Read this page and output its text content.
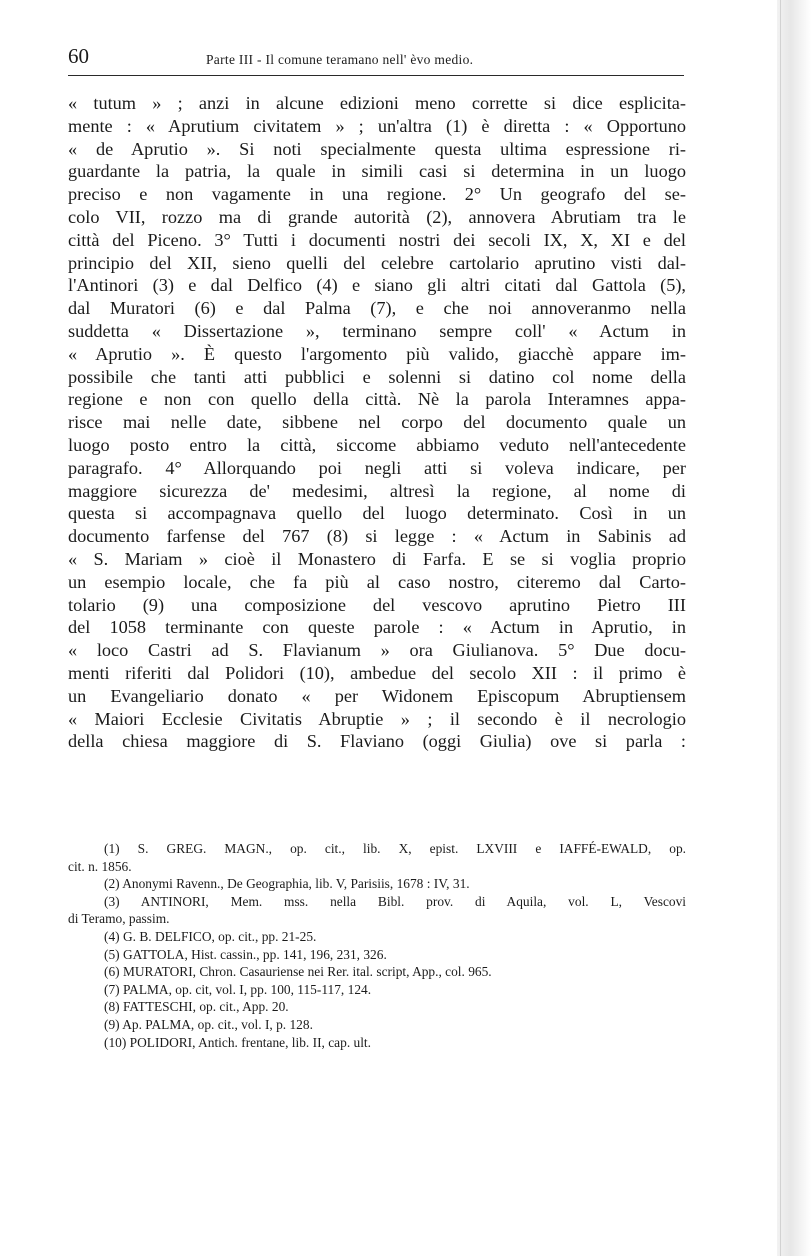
60	Parte III - Il comune teramano nell' èvo medio.
« tutum » ; anzi in alcune edizioni meno corrette si dice esplicita-
mente : « Aprutium civitatem » ; un'altra (1) è diretta : « Opportuno
« de Aprutio ». Si noti specialmente questa ultima espressione ri-
guardante la patria, la quale in simili casi si determina in un luogo
preciso e non vagamente in una regione. 2° Un geografo del se-
colo VII, rozzo ma di grande autorità (2), annovera Abrutiam tra le
città del Piceno. 3° Tutti i documenti nostri dei secoli IX, X, XI e del
principio del XII, sieno quelli del celebre cartolario aprutino visti dal-
l'Antinori (3) e dal Delfico (4) e siano gli altri citati dal Gattola (5),
dal Muratori (6) e dal Palma (7), e che noi annoveranmo nella
suddetta « Dissertazione », terminano sempre coll' « Actum in
« Aprutio ». È questo l'argomento più valido, giacchè appare im-
possibile che tanti atti pubblici e solenni si datino col nome della
regione e non con quello della città. Nè la parola Interamnes appa-
risce mai nelle date, sibbene nel corpo del documento quale un
luogo posto entro la città, siccome abbiamo veduto nell'antecedente
paragrafo. 4° Allorquando poi negli atti si voleva indicare, per
maggiore sicurezza de' medesimi, altresì la regione, al nome di
questa si accompagnava quello del luogo determinato. Così in un
documento farfense del 767 (8) si legge : « Actum in Sabinis ad
« S. Mariam » cioè il Monastero di Farfa. E se si voglia proprio
un esempio locale, che fa più al caso nostro, citeremo dal Carto-
tolario (9) una composizione del vescovo aprutino Pietro III
del 1058 terminante con queste parole : « Actum in Aprutio, in
« loco Castri ad S. Flavianum » ora Giulianova. 5° Due docu-
menti riferiti dal Polidori (10), ambedue del secolo XII : il primo è
un Evangeliario donato « per Widonem Episcopum Abruptiensem
« Maiori Ecclesie Civitatis Abruptie » ; il secondo è il necrologio
della chiesa maggiore di S. Flaviano (oggi Giulia) ove si parla :
(1) S. GREG. MAGN., op. cit., lib. X, epist. LXVIII e IAFFÉ-EWALD, op.
cit. n. 1856.
(2) Anonymi Ravenn., De Geographia, lib. V, Parisiis, 1678 : IV, 31.
(3) ANTINORI, Mem. mss. nella Bibl. prov. di Aquila, vol. L, Vescovi
di Teramo, passim.
(4) G. B. DELFICO, op. cit., pp. 21-25.
(5) GATTOLA, Hist. cassin., pp. 141, 196, 231, 326.
(6) MURATORI, Chron. Casauriense nei Rer. ital. script, App., col. 965.
(7) PALMA, op. cit, vol. I, pp. 100, 115-117, 124.
(8) FATTESCHI, op. cit., App. 20.
(9) Ap. PALMA, op. cit., vol. I, p. 128.
(10) POLIDORI, Antich. frentane, lib. II, cap. ult.
